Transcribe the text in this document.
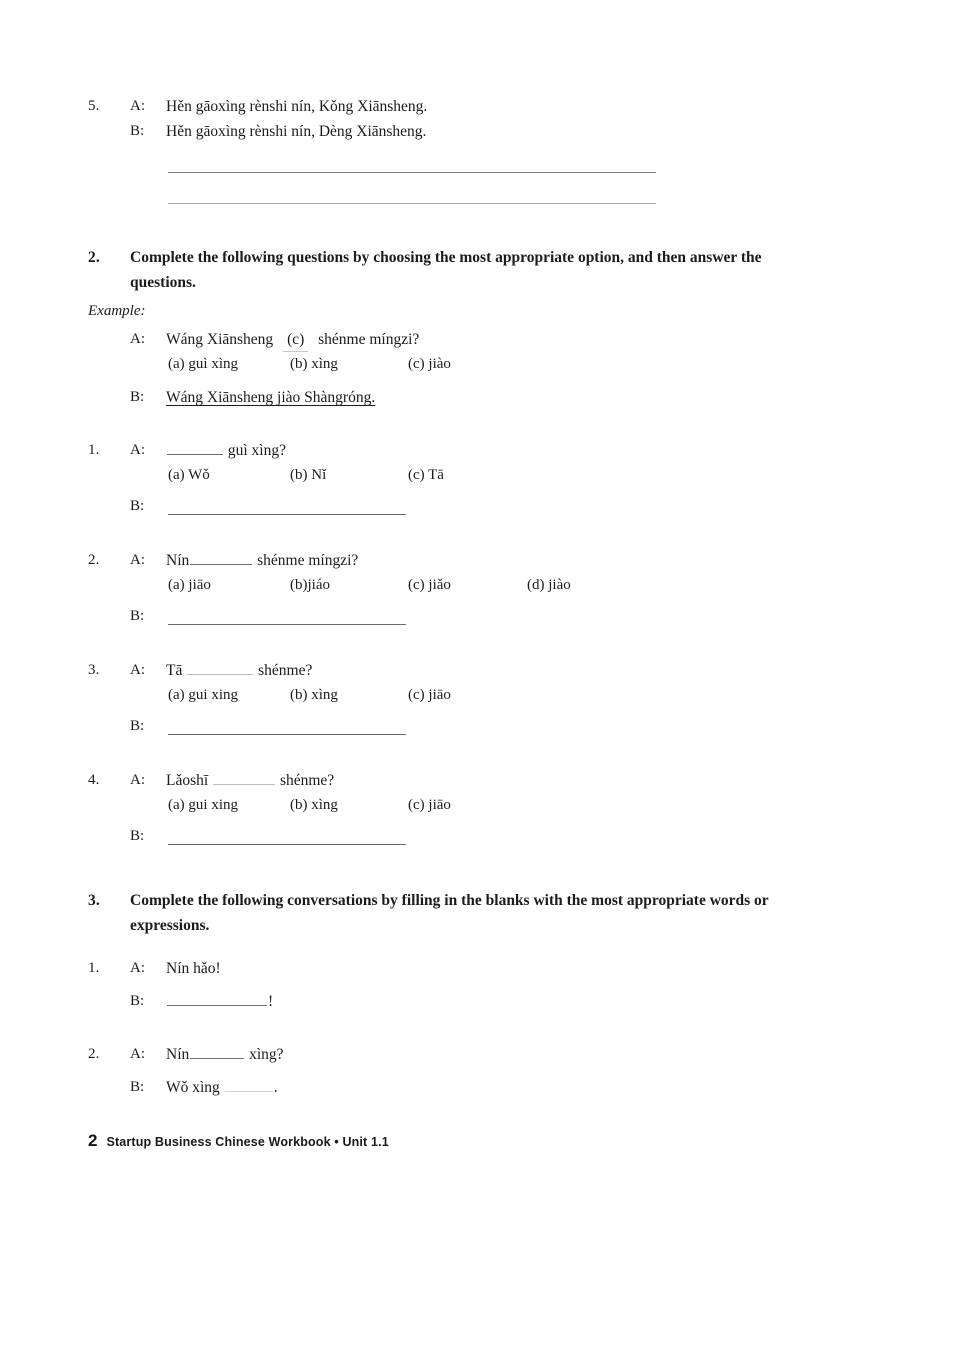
5.	A:	Hěn gāoxìng rènshi nín, Kǒng Xiānsheng.
B:	Hěn gāoxìng rènshi nín, Dèng Xiānsheng.
2.	Complete the following questions by choosing the most appropriate option, and then answer the questions.
Example:
A:	Wáng Xiānsheng (c) shénme míngzi?
(a) guì xìng	(b) xìng	(c) jiào
B:	Wáng Xiānsheng jiào Shàngróng.
1.	A:	guì xìng?
(a) Wǒ	(b) Nǐ	(c) Tā
B:
2.	A:	Nín	shénme míngzi?
(a) jiāo	(b)jiáo	(c) jiǎo	(d) jiào
B:
3.	A:	Tā	shénme?
(a) gui xing	(b) xìng	(c) jiāo
B:
4.	A:	Lǎoshī	shénme?
(a) gui xing	(b) xìng	(c) jiāo
B:
3.	Complete the following conversations by filling in the blanks with the most appropriate words or expressions.
1.	A:	Nín hǎo!
B:	!
2.	A:	Nín	xìng?
B:	Wǒ xìng	.
2 Startup Business Chinese Workbook • Unit 1.1
